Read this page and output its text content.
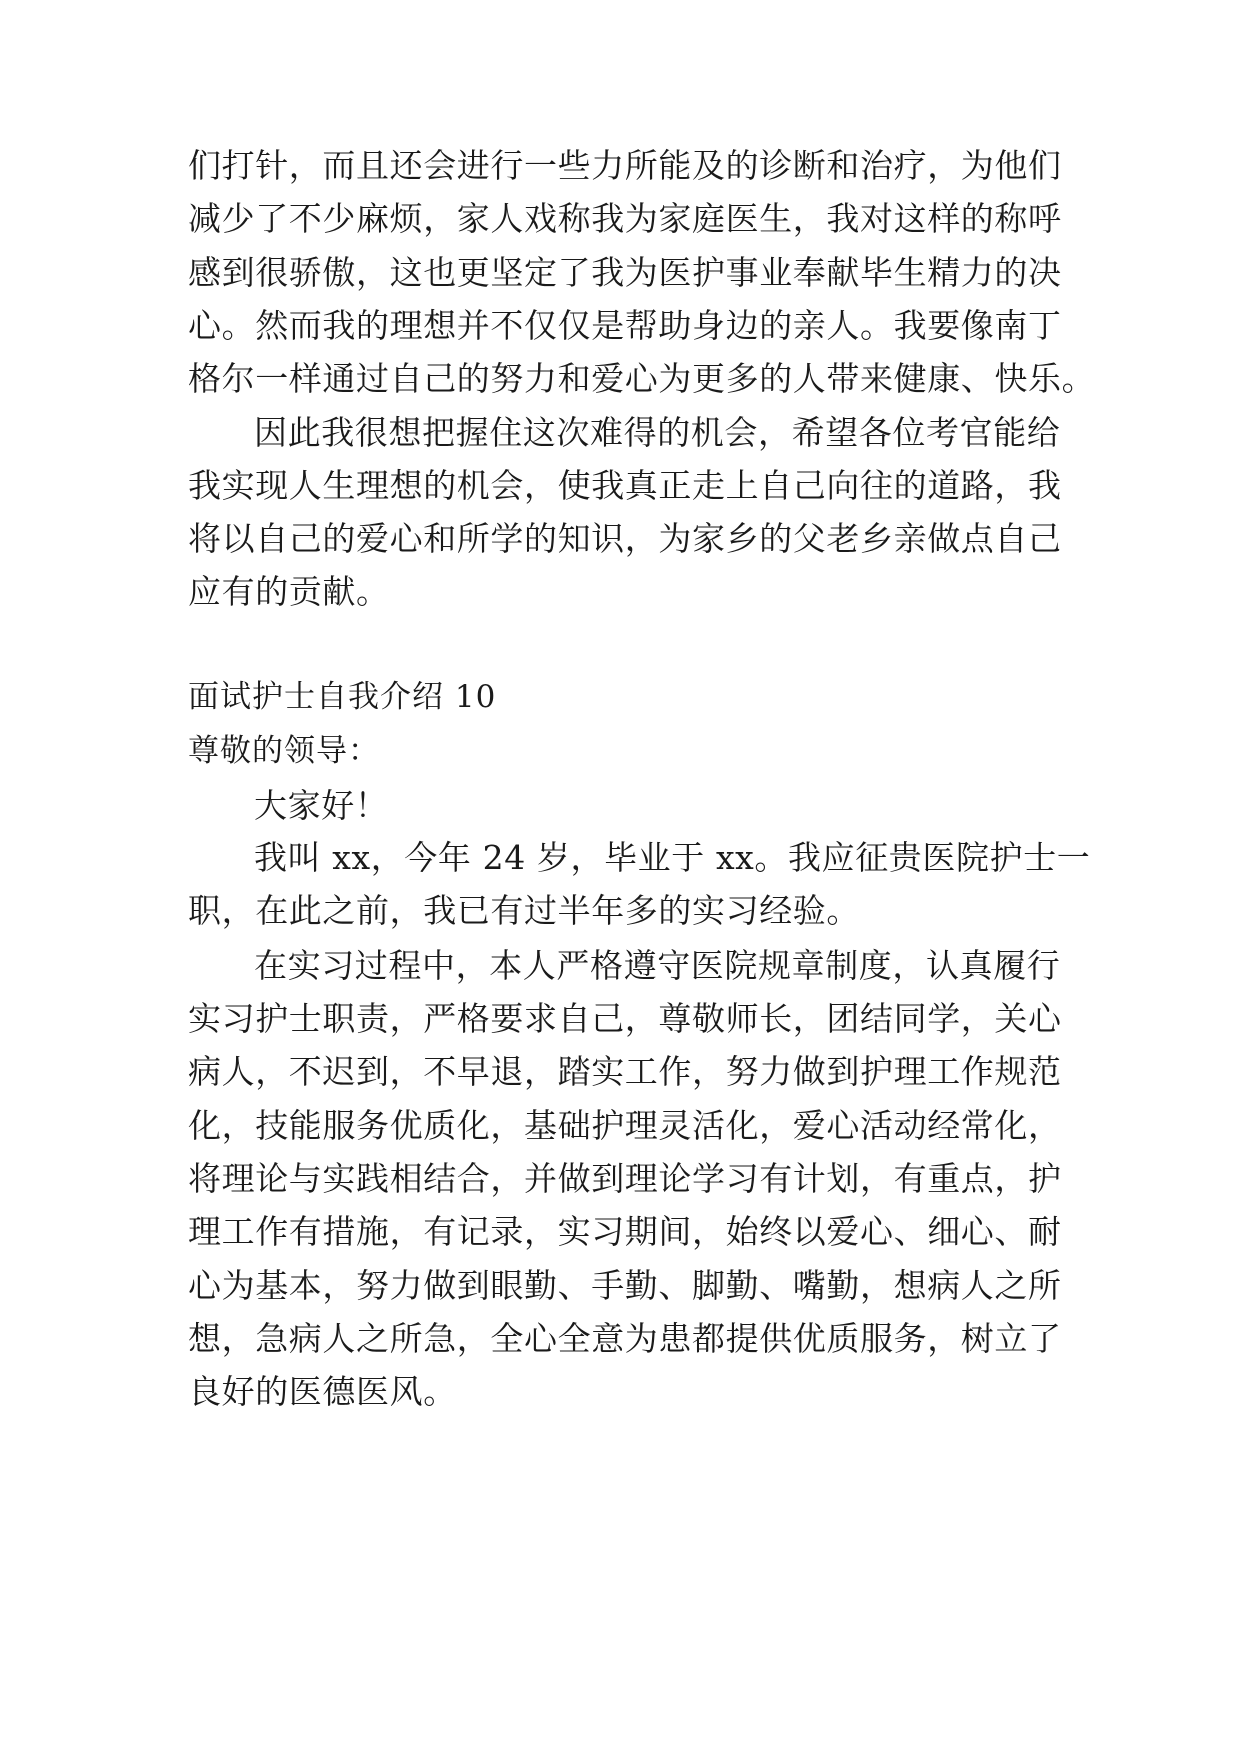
们打针，而且还会进行一些力所能及的诊断和治疗，为他们
减少了不少麻烦，家人戏称我为家庭医生，我对这样的称呼
感到很骄傲，这也更坚定了我为医护事业奉献毕生精力的决
心。然而我的理想并不仅仅是帮助身边的亲人。我要像南丁
格尔一样通过自己的努力和爱心为更多的人带来健康、快乐。
因此我很想把握住这次难得的机会，希望各位考官能给
我实现人生理想的机会，使我真正走上自己向往的道路，我
将以自己的爱心和所学的知识，为家乡的父老乡亲做点自己
应有的贡献。
面试护士自我介绍 10
尊敬的领导：
大家好！
我叫 xx，今年 24 岁，毕业于 xx。我应征贵医院护士一
职，在此之前，我已有过半年多的实习经验。
在实习过程中，本人严格遵守医院规章制度，认真履行
实习护士职责，严格要求自己，尊敬师长，团结同学，关心
病人，不迟到，不早退，踏实工作，努力做到护理工作规范
化，技能服务优质化，基础护理灵活化，爱心活动经常化，
将理论与实践相结合，并做到理论学习有计划，有重点，护
理工作有措施，有记录，实习期间，始终以爱心、细心、耐
心为基本，努力做到眼勤、手勤、脚勤、嘴勤，想病人之所
想，急病人之所急，全心全意为患都提供优质服务，树立了
良好的医德医风。
